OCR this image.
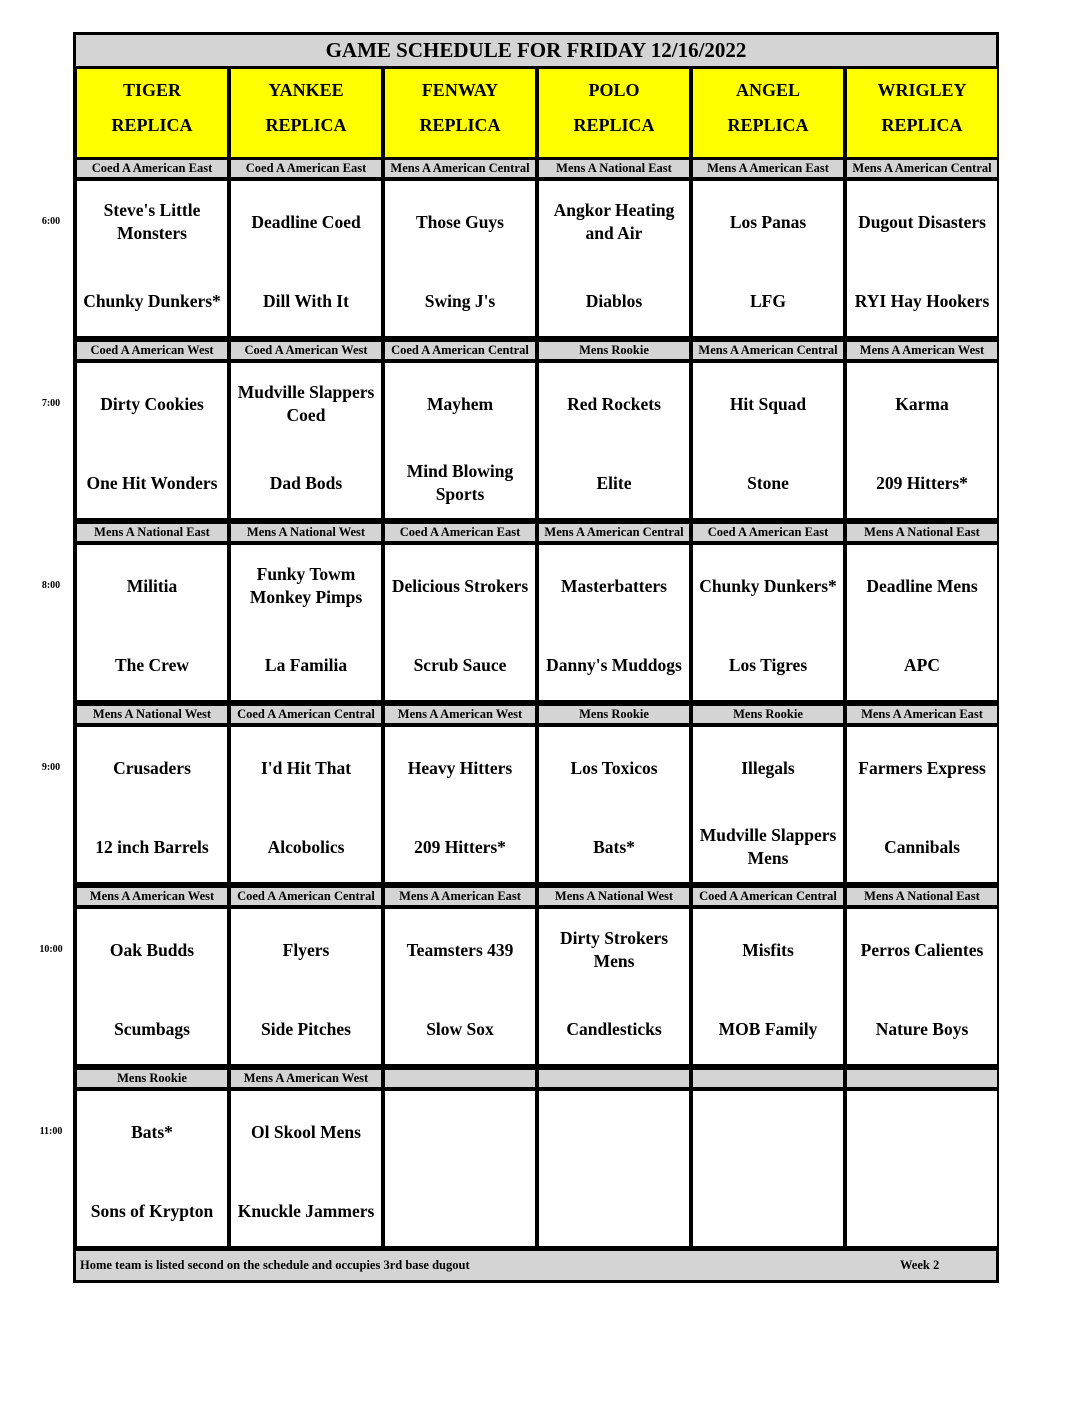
GAME SCHEDULE FOR FRIDAY 12/16/2022
TIGER
REPLICA
YANKEE
REPLICA
FENWAY
REPLICA
POLO
REPLICA
ANGEL
REPLICA
WRIGLEY
REPLICA
Coed A American East
Steve's Little Monsters
Chunky Dunkers*
Coed A American East
Deadline Coed
Dill With It
Mens A American Central
Those Guys
Swing J's
Mens A National East
Angkor Heating and Air
Diablos
Mens A American East
Los Panas
LFG
Mens A American Central
Dugout Disasters
RYI Hay Hookers
Coed A American West
Dirty Cookies
One Hit Wonders
Coed A American West
Mudville Slappers Coed
Dad Bods
Coed A American Central
Mayhem
Mind Blowing Sports
Mens Rookie
Red Rockets
Elite
Mens A American Central
Hit Squad
Stone
Mens A American West
Karma
209 Hitters*
Mens A National East
Militia
The Crew
Mens A National West
Funky Towm Monkey Pimps
La Familia
Coed A American East
Delicious Strokers
Scrub Sauce
Mens A American Central
Masterbatters
Danny's Muddogs
Coed A American East
Chunky Dunkers*
Los Tigres
Mens A National East
Deadline Mens
APC
Mens A National West
Crusaders
12 inch Barrels
Coed A American Central
I'd Hit That
Alcobolics
Mens A American West
Heavy Hitters
209 Hitters*
Mens Rookie
Los Toxicos
Bats*
Mens Rookie
Illegals
Mudville Slappers Mens
Mens A American East
Farmers Express
Cannibals
Mens A American West
Oak Budds
Scumbags
Coed A American Central
Flyers
Side Pitches
Mens A American East
Teamsters 439
Slow Sox
Mens A National West
Dirty Strokers Mens
Candlesticks
Coed A American Central
Misfits
MOB Family
Mens A National East
Perros Calientes
Nature Boys
Mens Rookie
Bats*
Sons of Krypton
Mens A American West
Ol Skool Mens
Knuckle Jammers
Home team is listed second on the schedule and occupies 3rd base dugout	Week 2
6:00
7:00
8:00
9:00
10:00
11:00
